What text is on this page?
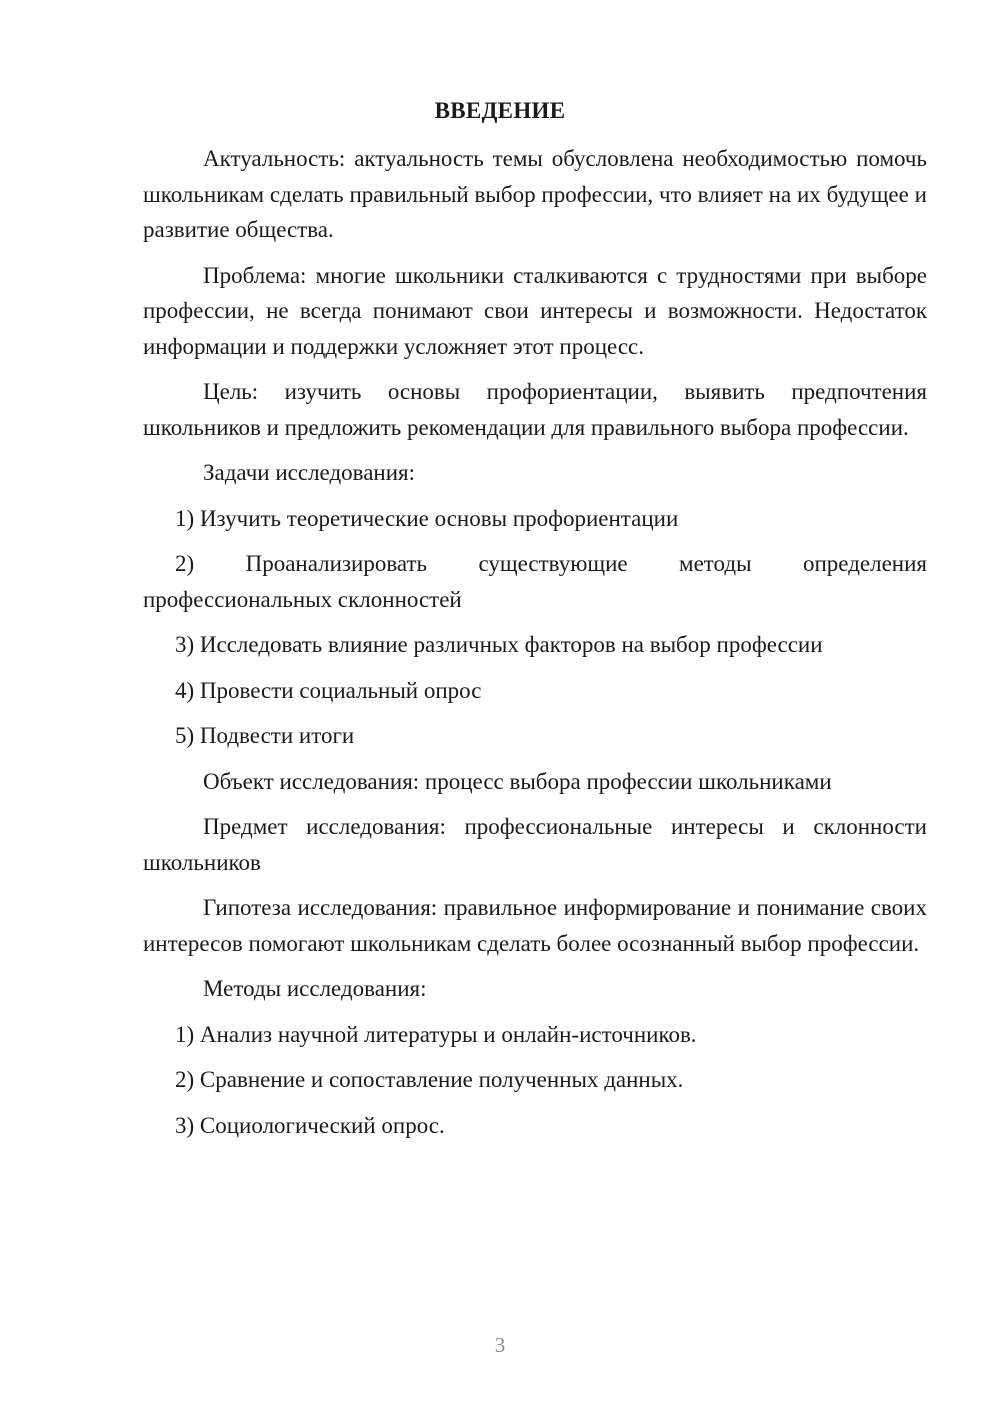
ВВЕДЕНИЕ

Актуальность: актуальность темы обусловлена необходимостью помочь школьникам сделать правильный выбор профессии, что влияет на их будущее и развитие общества.

Проблема: многие школьники сталкиваются с трудностями при выборе профессии, не всегда понимают свои интересы и возможности. Недостаток информации и поддержки усложняет этот процесс.

Цель: изучить основы профориентации, выявить предпочтения школьников и предложить рекомендации для правильного выбора профессии.

Задачи исследования:

1) Изучить теоретические основы профориентации

2) Проанализировать существующие методы определения профессиональных склонностей

3) Исследовать влияние различных факторов на выбор профессии

4) Провести социальный опрос

5) Подвести итоги

Объект исследования: процесс выбора профессии школьниками

Предмет исследования: профессиональные интересы и склонности школьников

Гипотеза исследования: правильное информирование и понимание своих интересов помогают школьникам сделать более осознанный выбор профессии.

Методы исследования:

1) Анализ научной литературы и онлайн-источников.

2) Сравнение и сопоставление полученных данных.

3) Социологический опрос.

3
